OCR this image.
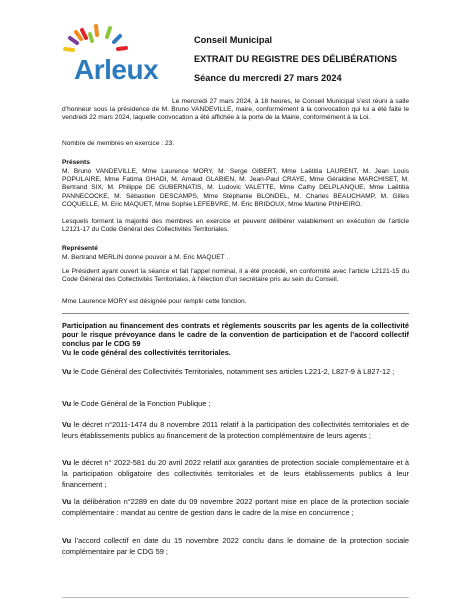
Arleux
Conseil Municipal
EXTRAIT DU REGISTRE DES DÉLIBÉRATIONS
Séance du mercredi 27 mars 2024
Le mercredi 27 mars 2024, à 18 heures, le Conseil Municipal s’est réuni à salle d’honneur sous la présidence de M. Bruno VANDEVILLE, maire, conformément à la convocation qui lui a été faite le vendredi 22 mars 2024, laquelle convocation a été affichée à la porte de la Mairie, conformément à la Loi.
Nombre de membres en exercice : 23.
Présents
M. Bruno VANDEVILLE, Mme Laurence MORY, M. Serge GIBERT, Mme Laëtitia LAURENT, M. Jean Louis POPULAIRE, Mme Fatima GHADI, M. Arnaud GLABIEN, M. Jean-Paul CRAYE, Mme Géraldine MARCHISET, M. Bertrand SIX, M. Philippe DE GUBERNATIS, M. Ludovic VALETTE, Mme Cathy DELPLANQUE, Mme Laëtitia PANNECOCKE, M. Sébastien DESCAMPS, Mme Stéphanie BLONDEL, M. Charles BEAUCHAMP, M. Gilles COQUELLE, M. Eric MAQUET, Mme Sophie LEFEBVRE, M. Eric BRIDOUX, Mme Martine PINHEIRO.
Lesquels forment la majorité des membres en exercice et peuvent délibérer valablement en exécution de l’article L2121-17 du Code Général des Collectivités Territoriales.
Représenté
M. Bertrand MERLIN donne pouvoir à M. Eric MAQUET .
Le Président ayant ouvert la séance et fait l’appel nominal, il a été procédé, en conformité avec l’article L2121-15 du Code Général des Collectivités Territoriales, à l’élection d’un secrétaire pris au sein du Conseil.
Mme Laurence MORY est désignée pour remplir cette fonction.
Participation au financement des contrats et règlements souscrits par les agents de la collectivité pour le risque prévoyance dans le cadre de la convention de participation et de l’accord collectif conclus par le CDG 59
Vu le code général des collectivités territoriales.
Vu le Code Général des Collectivités Territoriales, notamment ses articles L221-2, L827-9 à L827-12 ;
Vu le Code Général de la Fonction Publique ;
Vu le décret n°2011-1474 du 8 novembre 2011 relatif à la participation des collectivités territoriales et de leurs établissements publics au financement de la protection complémentaire de leurs agents ;
Vu le décret n° 2022-581 du 20 avril 2022 relatif aux garanties de protection sociale complémentaire et à la participation obligatoire des collectivités territoriales et de leurs établissements publics à leur financement ;
Vu la délibération n°2289 en date du 09 novembre 2022 portant mise en place de la protection sociale complémentaire : mandat au centre de gestion dans le cadre de la mise en concurrence ;
Vu l’accord collectif en date du 15 novembre 2022 conclu dans le domaine de la protection sociale complémentaire par le CDG 59 ;
